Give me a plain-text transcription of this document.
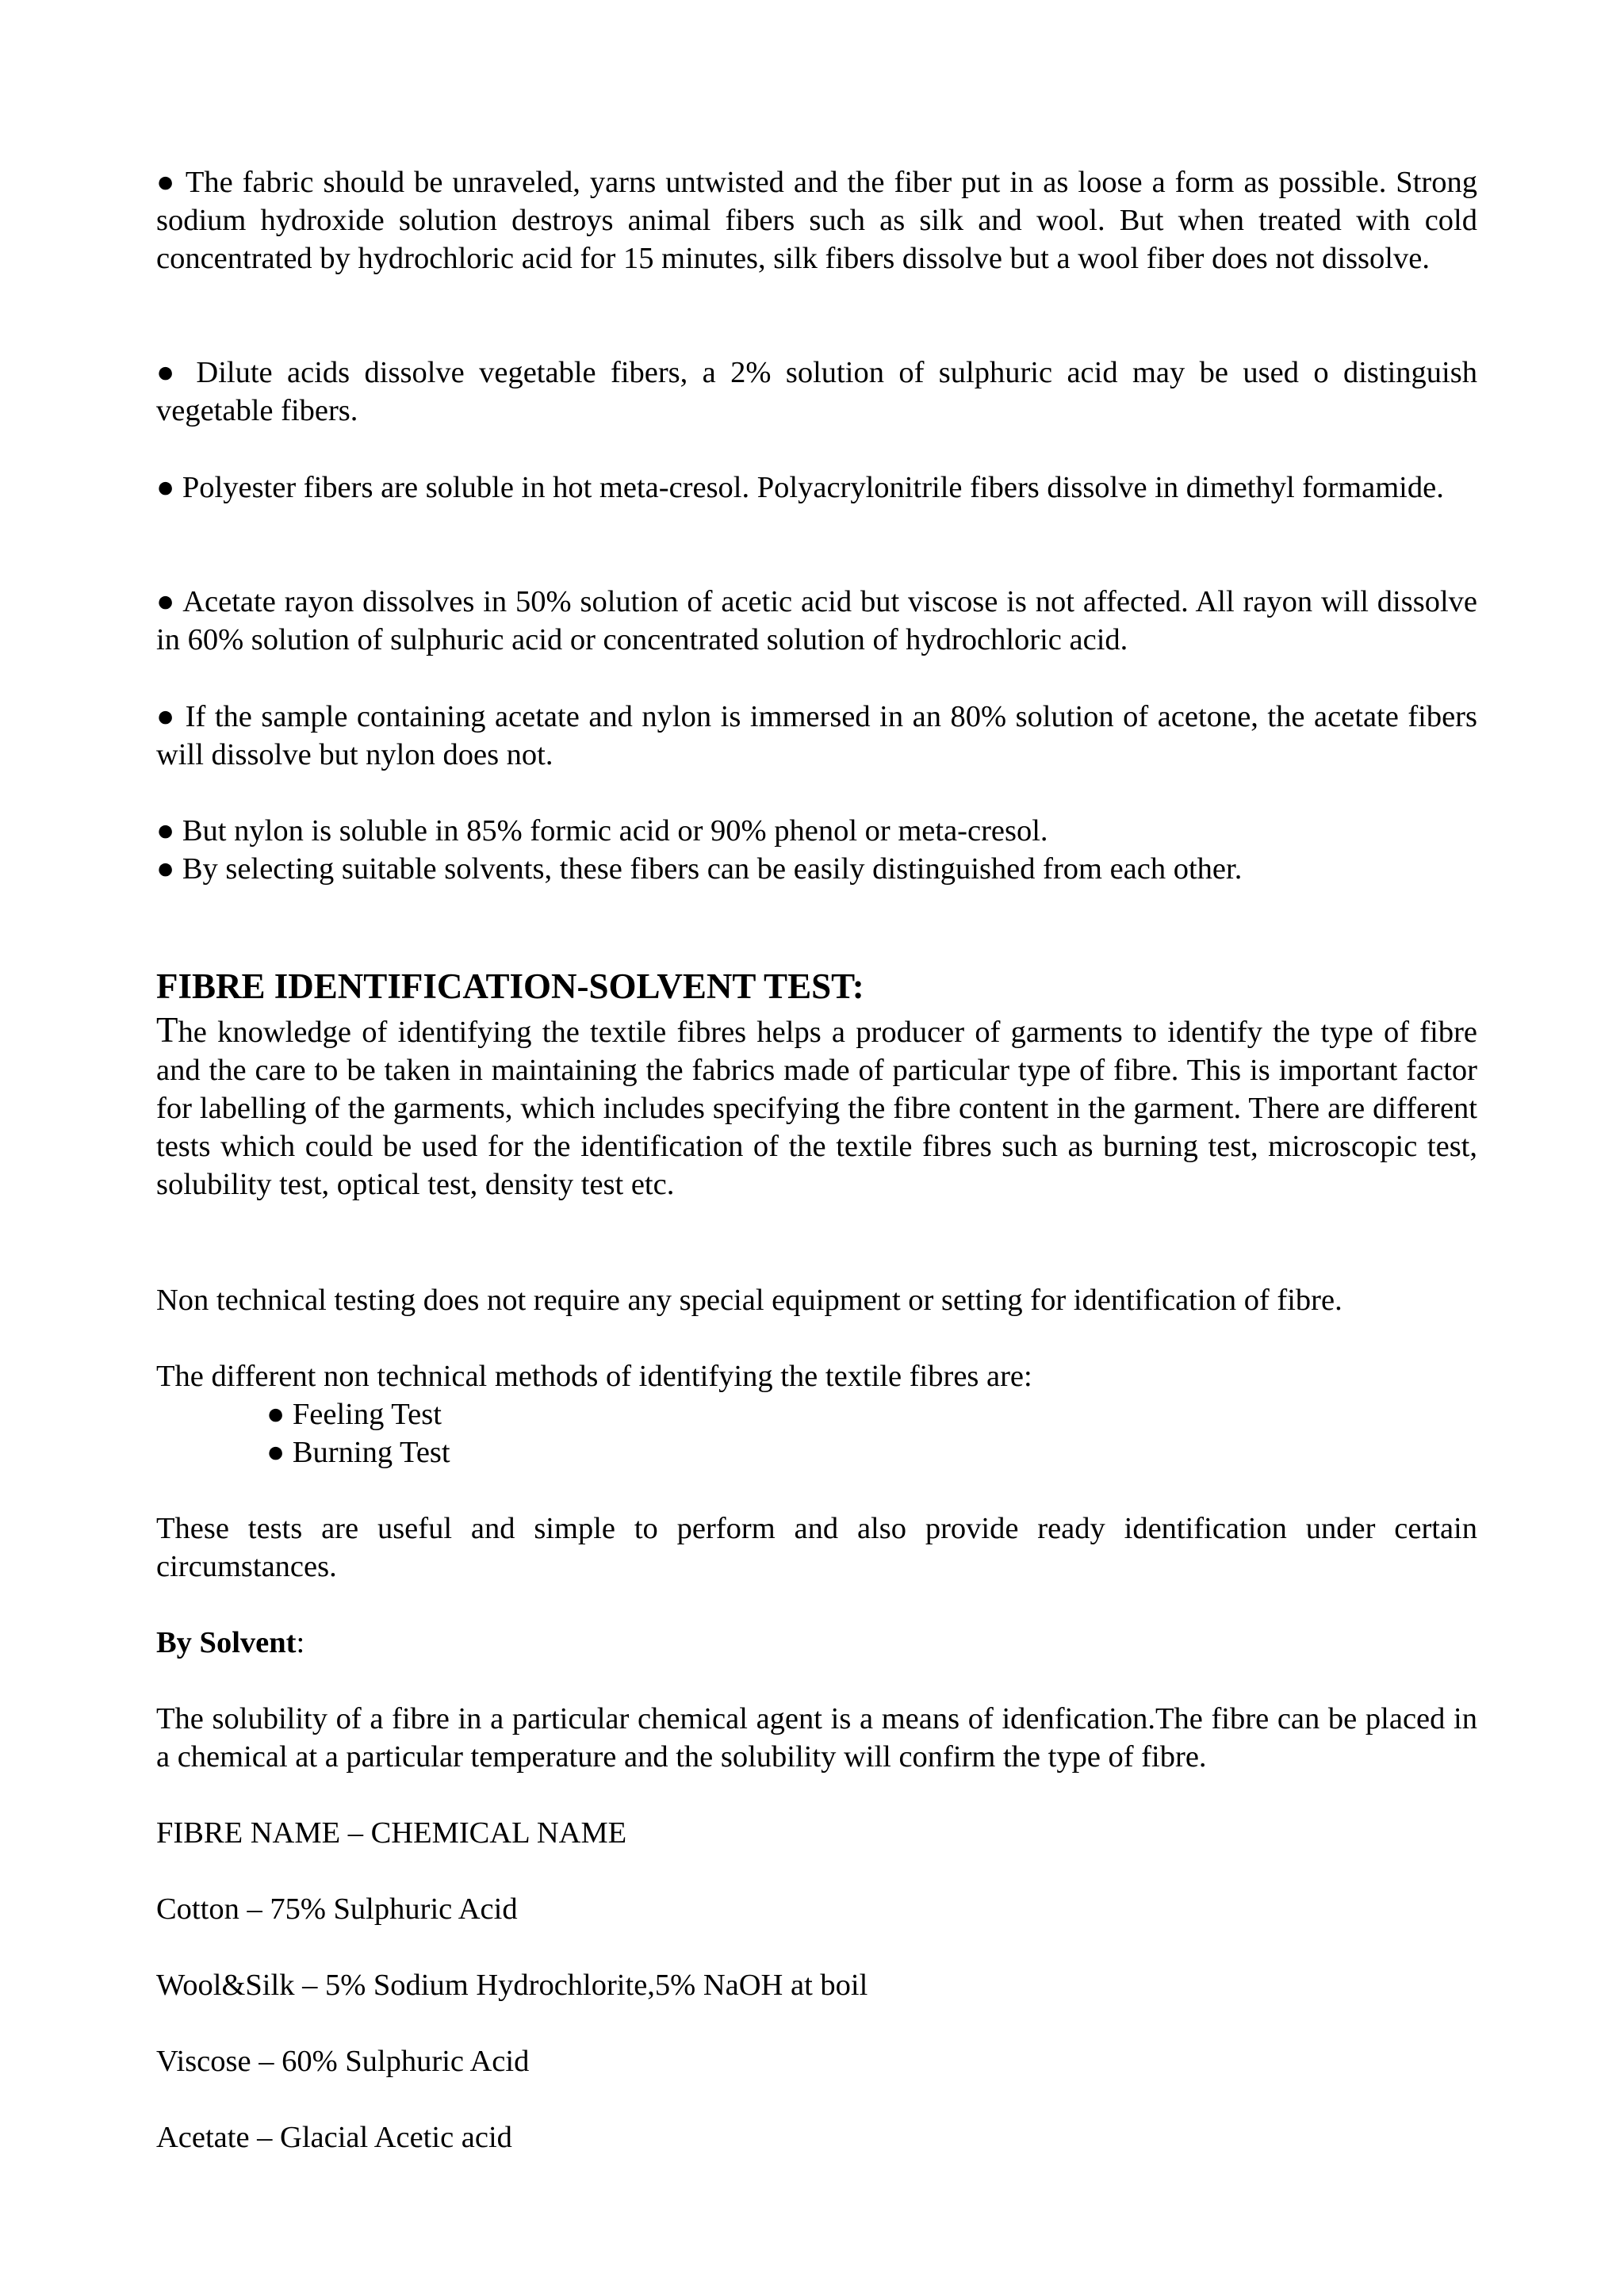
● The fabric should be unraveled, yarns untwisted and the fiber put in as loose a form as possible. Strong sodium hydroxide solution destroys animal fibers such as silk and wool. But when treated with cold concentrated by hydrochloric acid for 15 minutes, silk fibers dissolve but a wool fiber does not dissolve.

● Dilute acids dissolve vegetable fibers, a 2% solution of sulphuric acid may be used o distinguish vegetable fibers.

● Polyester fibers are soluble in hot meta-cresol. Polyacrylonitrile fibers dissolve in dimethyl formamide.

● Acetate rayon dissolves in 50% solution of acetic acid but viscose is not affected. All rayon will dissolve in 60% solution of sulphuric acid or concentrated solution of hydrochloric acid.

● If the sample containing acetate and nylon is immersed in an 80% solution of acetone, the acetate fibers will dissolve but nylon does not.

● But nylon is soluble in 85% formic acid or 90% phenol or meta-cresol.

● By selecting suitable solvents, these fibers can be easily distinguished from each other.

FIBRE IDENTIFICATION-SOLVENT TEST:

The knowledge of identifying the textile fibres helps a producer of garments to identify the type of fibre and the care to be taken in maintaining the fabrics made of particular type of fibre. This is important factor for labelling of the garments, which includes specifying the fibre content in the garment. There are different tests which could be used for the identification of the textile fibres such as burning test, microscopic test, solubility test, optical test, density test etc.

Non technical testing does not require any special equipment or setting for identification of fibre.

The different non technical methods of identifying the textile fibres are:

● Feeling Test

● Burning Test

These tests are useful and simple to perform and also provide ready identification under certain circumstances.

By Solvent:

The solubility of a fibre in a particular chemical agent is a means of idenfication.The fibre can be placed in a chemical at a particular temperature and the solubility will confirm the type of fibre.

FIBRE NAME – CHEMICAL NAME

Cotton – 75% Sulphuric Acid

Wool&Silk – 5% Sodium Hydrochlorite,5% NaOH at boil

Viscose – 60% Sulphuric Acid

Acetate – Glacial Acetic acid
